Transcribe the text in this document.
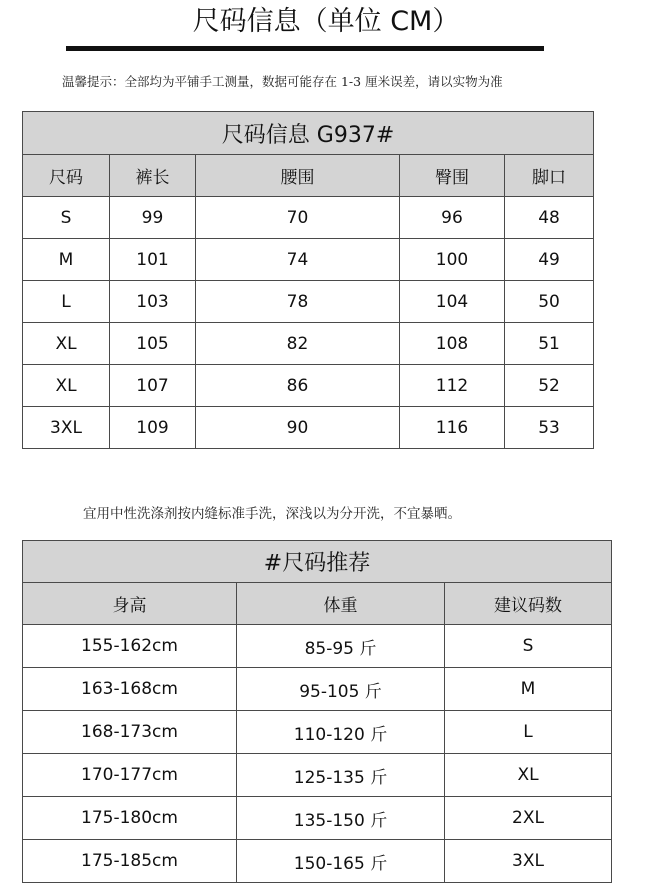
尺码信息（单位 CM）
温馨提示：全部均为平铺手工测量，数据可能存在 1-3 厘米误差，请以实物为准
尺码信息 G937#				
尺码	裤长	腰围	臀围	脚口
S	99	70	96	48
M	101	74	100	49
L	103	78	104	50
XL	105	82	108	51
XL	107	86	112	52
3XL	109	90	116	53
宜用中性洗涤剂按内缝标准手洗，深浅以为分开洗，不宜暴晒。
#尺码推荐		
身高	体重	建议码数
155-162cm	85-95 斤	S
163-168cm	95-105 斤	M
168-173cm	110-120 斤	L
170-177cm	125-135 斤	XL
175-180cm	135-150 斤	2XL
175-185cm	150-165 斤	3XL
